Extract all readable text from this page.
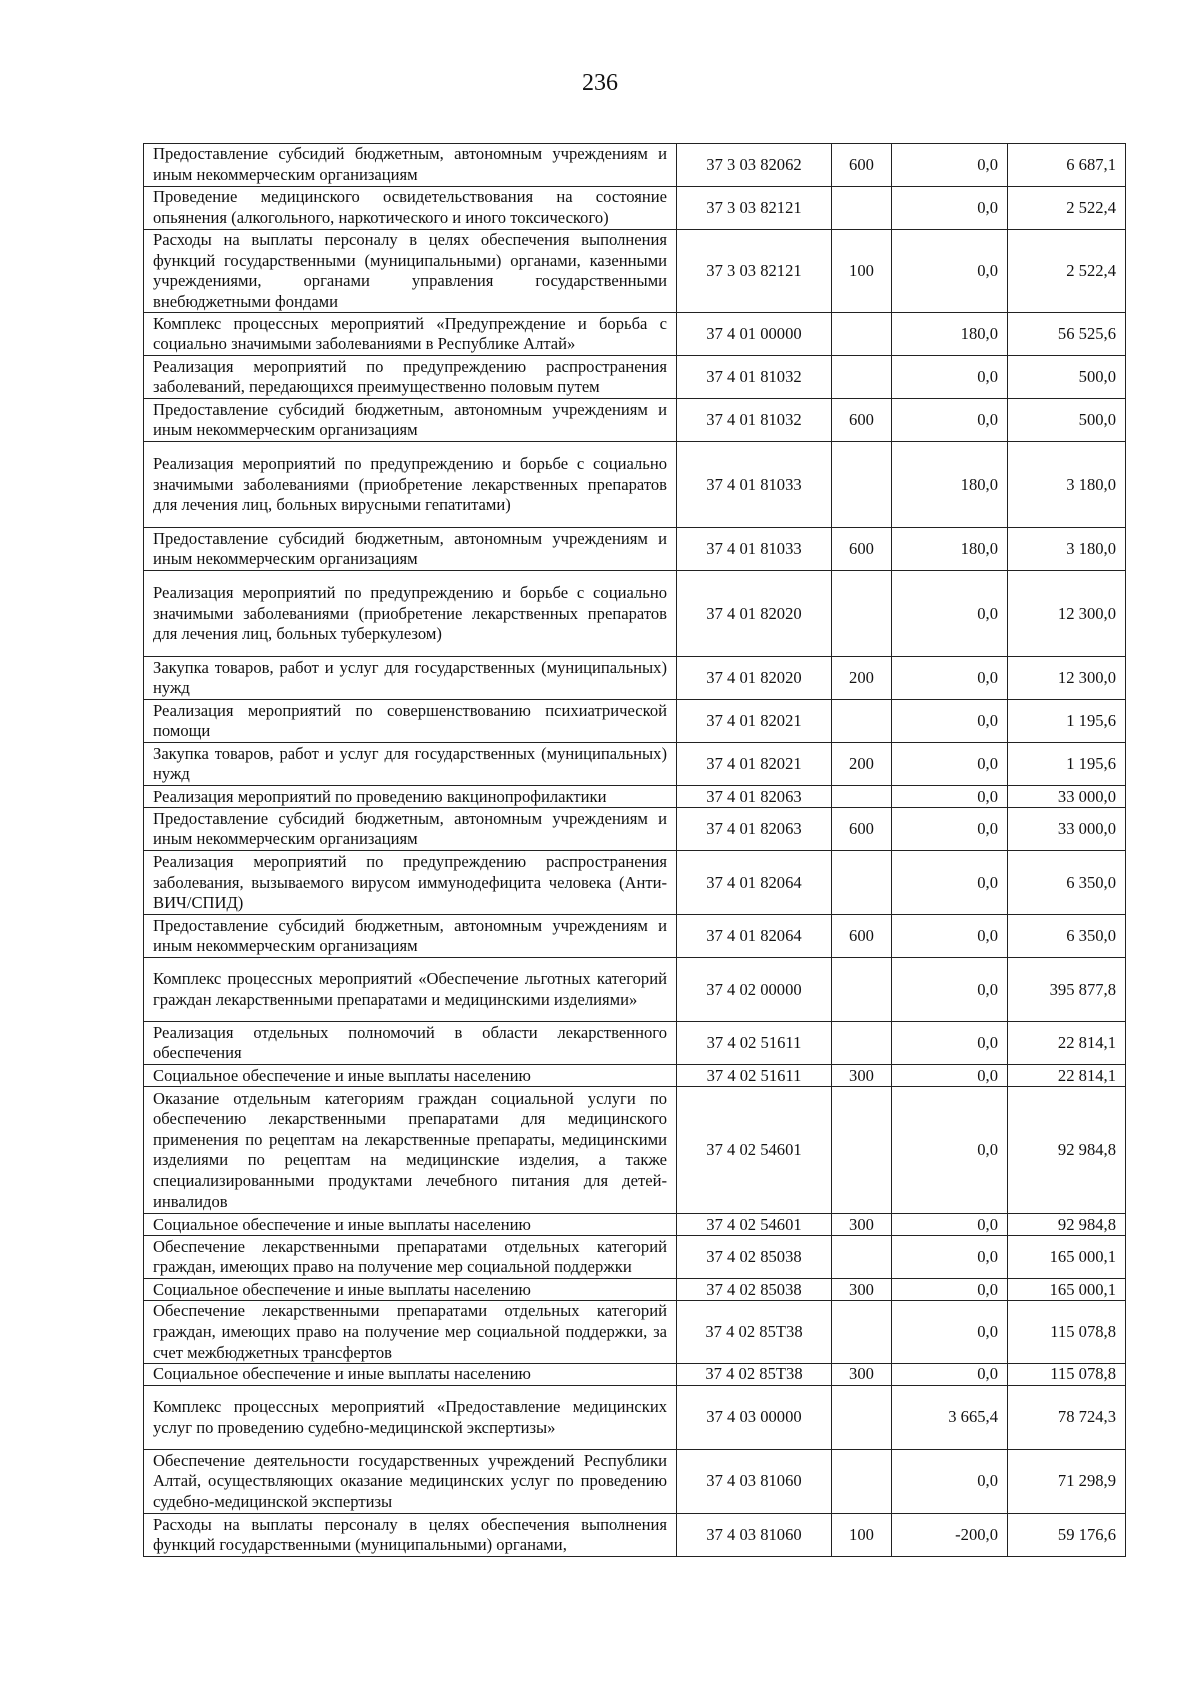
236
Предоставление субсидий бюджетным, автономным учреждениям и иным некоммерческим организациям	37 3 03 82062	600	0,0	6 687,1
Проведение медицинского освидетельствования на состояние опьянения (алкогольного, наркотического и иного токсического)	37 3 03 82121		0,0	2 522,4
Расходы на выплаты персоналу в целях обеспечения выполнения функций государственными (муниципальными) органами, казенными учреждениями, органами управления государственными внебюджетными фондами	37 3 03 82121	100	0,0	2 522,4
Комплекс процессных мероприятий «Предупреждение и борьба с социально значимыми заболеваниями в Республике Алтай»	37 4 01 00000		180,0	56 525,6
Реализация мероприятий по предупреждению распространения заболеваний, передающихся преимущественно половым путем	37 4 01 81032		0,0	500,0
Предоставление субсидий бюджетным, автономным учреждениям и иным некоммерческим организациям	37 4 01 81032	600	0,0	500,0
Реализация мероприятий по предупреждению и борьбе с социально значимыми заболеваниями (приобретение лекарственных препаратов для лечения лиц, больных вирусными гепатитами)	37 4 01 81033		180,0	3 180,0
Предоставление субсидий бюджетным, автономным учреждениям и иным некоммерческим организациям	37 4 01 81033	600	180,0	3 180,0
Реализация мероприятий по предупреждению и борьбе с социально значимыми заболеваниями (приобретение лекарственных препаратов для лечения лиц, больных туберкулезом)	37 4 01 82020		0,0	12 300,0
Закупка товаров, работ и услуг для государственных (муниципальных) нужд	37 4 01 82020	200	0,0	12 300,0
Реализация мероприятий по совершенствованию психиатрической помощи	37 4 01 82021		0,0	1 195,6
Закупка товаров, работ и услуг для государственных (муниципальных) нужд	37 4 01 82021	200	0,0	1 195,6
Реализация мероприятий по проведению вакцинопрофилактики	37 4 01 82063		0,0	33 000,0
Предоставление субсидий бюджетным, автономным учреждениям и иным некоммерческим организациям	37 4 01 82063	600	0,0	33 000,0
Реализация мероприятий по предупреждению распространения заболевания, вызываемого вирусом иммунодефицита человека (Анти-ВИЧ/СПИД)	37 4 01 82064		0,0	6 350,0
Предоставление субсидий бюджетным, автономным учреждениям и иным некоммерческим организациям	37 4 01 82064	600	0,0	6 350,0
Комплекс процессных мероприятий «Обеспечение льготных категорий граждан лекарственными препаратами и медицинскими изделиями»	37 4 02 00000		0,0	395 877,8
Реализация отдельных полномочий в области лекарственного обеспечения	37 4 02 51611		0,0	22 814,1
Социальное обеспечение и иные выплаты населению	37 4 02 51611	300	0,0	22 814,1
Оказание отдельным категориям граждан социальной услуги по обеспечению лекарственными препаратами для медицинского применения по рецептам на лекарственные препараты, медицинскими изделиями по рецептам на медицинские изделия, а также специализированными продуктами лечебного питания для детей-инвалидов	37 4 02 54601		0,0	92 984,8
Социальное обеспечение и иные выплаты населению	37 4 02 54601	300	0,0	92 984,8
Обеспечение лекарственными препаратами отдельных категорий граждан, имеющих право на получение мер социальной поддержки	37 4 02 85038		0,0	165 000,1
Социальное обеспечение и иные выплаты населению	37 4 02 85038	300	0,0	165 000,1
Обеспечение лекарственными препаратами отдельных категорий граждан, имеющих право на получение мер социальной поддержки, за счет межбюджетных трансфертов	37 4 02 85Т38		0,0	115 078,8
Социальное обеспечение и иные выплаты населению	37 4 02 85Т38	300	0,0	115 078,8
Комплекс процессных мероприятий «Предоставление медицинских услуг по проведению судебно-медицинской экспертизы»	37 4 03 00000		3 665,4	78 724,3
Обеспечение деятельности государственных учреждений Республики Алтай, осуществляющих оказание медицинских услуг по проведению судебно-медицинской экспертизы	37 4 03 81060		0,0	71 298,9
Расходы на выплаты персоналу в целях обеспечения выполнения функций государственными (муниципальными) органами,	37 4 03 81060	100	-200,0	59 176,6
